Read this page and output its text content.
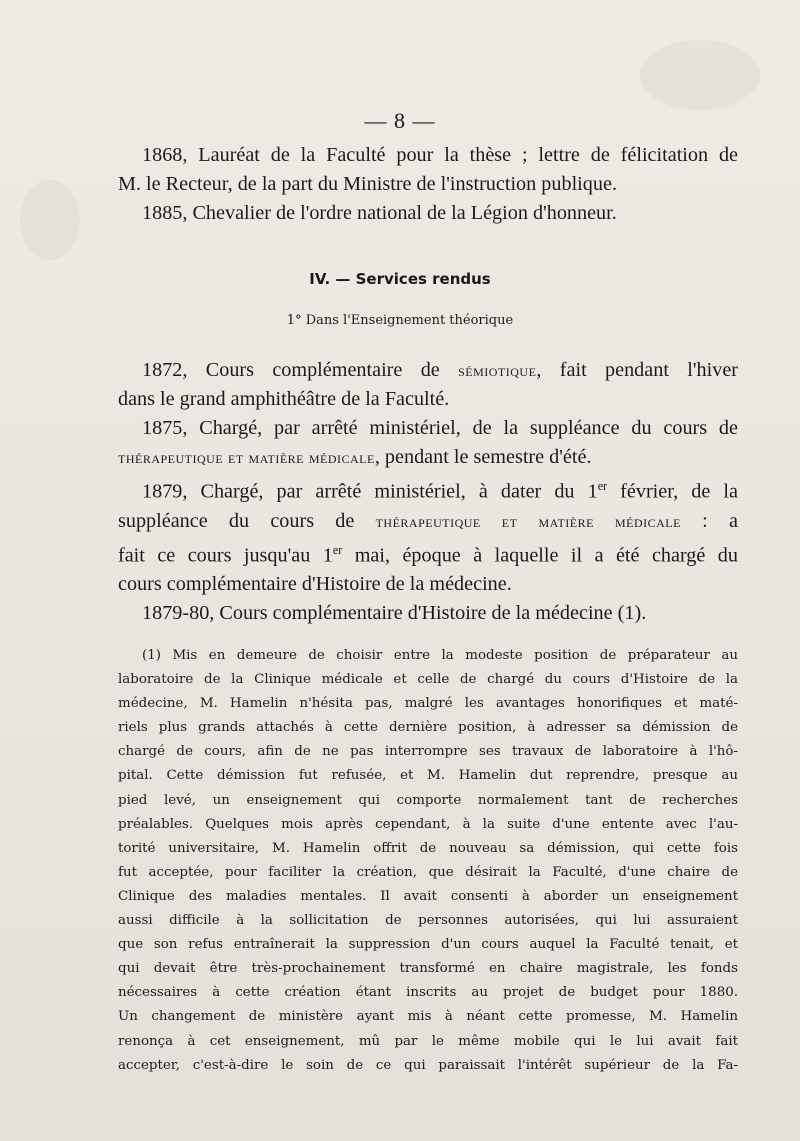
— 8 —
1868, Lauréat de la Faculté pour la thèse ; lettre de félicitation de
M. le Recteur, de la part du Ministre de l'instruction publique.
1885, Chevalier de l'ordre national de la Légion d'honneur.
IV. — Services rendus
1° Dans l'Enseignement théorique
1872, Cours complémentaire de sémiotique, fait pendant l'hiver
dans le grand amphithéâtre de la Faculté.
1875, Chargé, par arrêté ministériel, de la suppléance du cours de
thérapeutique et matière médicale, pendant le semestre d'été.
1879, Chargé, par arrêté ministériel, à dater du 1er février, de la
suppléance du cours de thérapeutique et matière médicale : a
fait ce cours jusqu'au 1er mai, époque à laquelle il a été chargé du
cours complémentaire d'Histoire de la médecine.
1879-80, Cours complémentaire d'Histoire de la médecine (1).
(1) Mis en demeure de choisir entre la modeste position de préparateur au
laboratoire de la Clinique médicale et celle de chargé du cours d'Histoire de la
médecine, M. Hamelin n'hésita pas, malgré les avantages honorifiques et maté-
riels plus grands attachés à cette dernière position, à adresser sa démission de
chargé de cours, afin de ne pas interrompre ses travaux de laboratoire à l'hô-
pital. Cette démission fut refusée, et M. Hamelin dut reprendre, presque au
pied levé, un enseignement qui comporte normalement tant de recherches
préalables. Quelques mois après cependant, à la suite d'une entente avec l'au-
torité universitaire, M. Hamelin offrit de nouveau sa démission, qui cette fois
fut acceptée, pour faciliter la création, que désirait la Faculté, d'une chaire de
Clinique des maladies mentales. Il avait consenti à aborder un enseignement
aussi difficile à la sollicitation de personnes autorisées, qui lui assuraient
que son refus entraînerait la suppression d'un cours auquel la Faculté tenait, et
qui devait être très-prochainement transformé en chaire magistrale, les fonds
nécessaires à cette création étant inscrits au projet de budget pour 1880.
Un changement de ministère ayant mis à néant cette promesse, M. Hamelin
renonça à cet enseignement, mû par le même mobile qui le lui avait fait
accepter, c'est-à-dire le soin de ce qui paraissait l'intérêt supérieur de la Fa-
